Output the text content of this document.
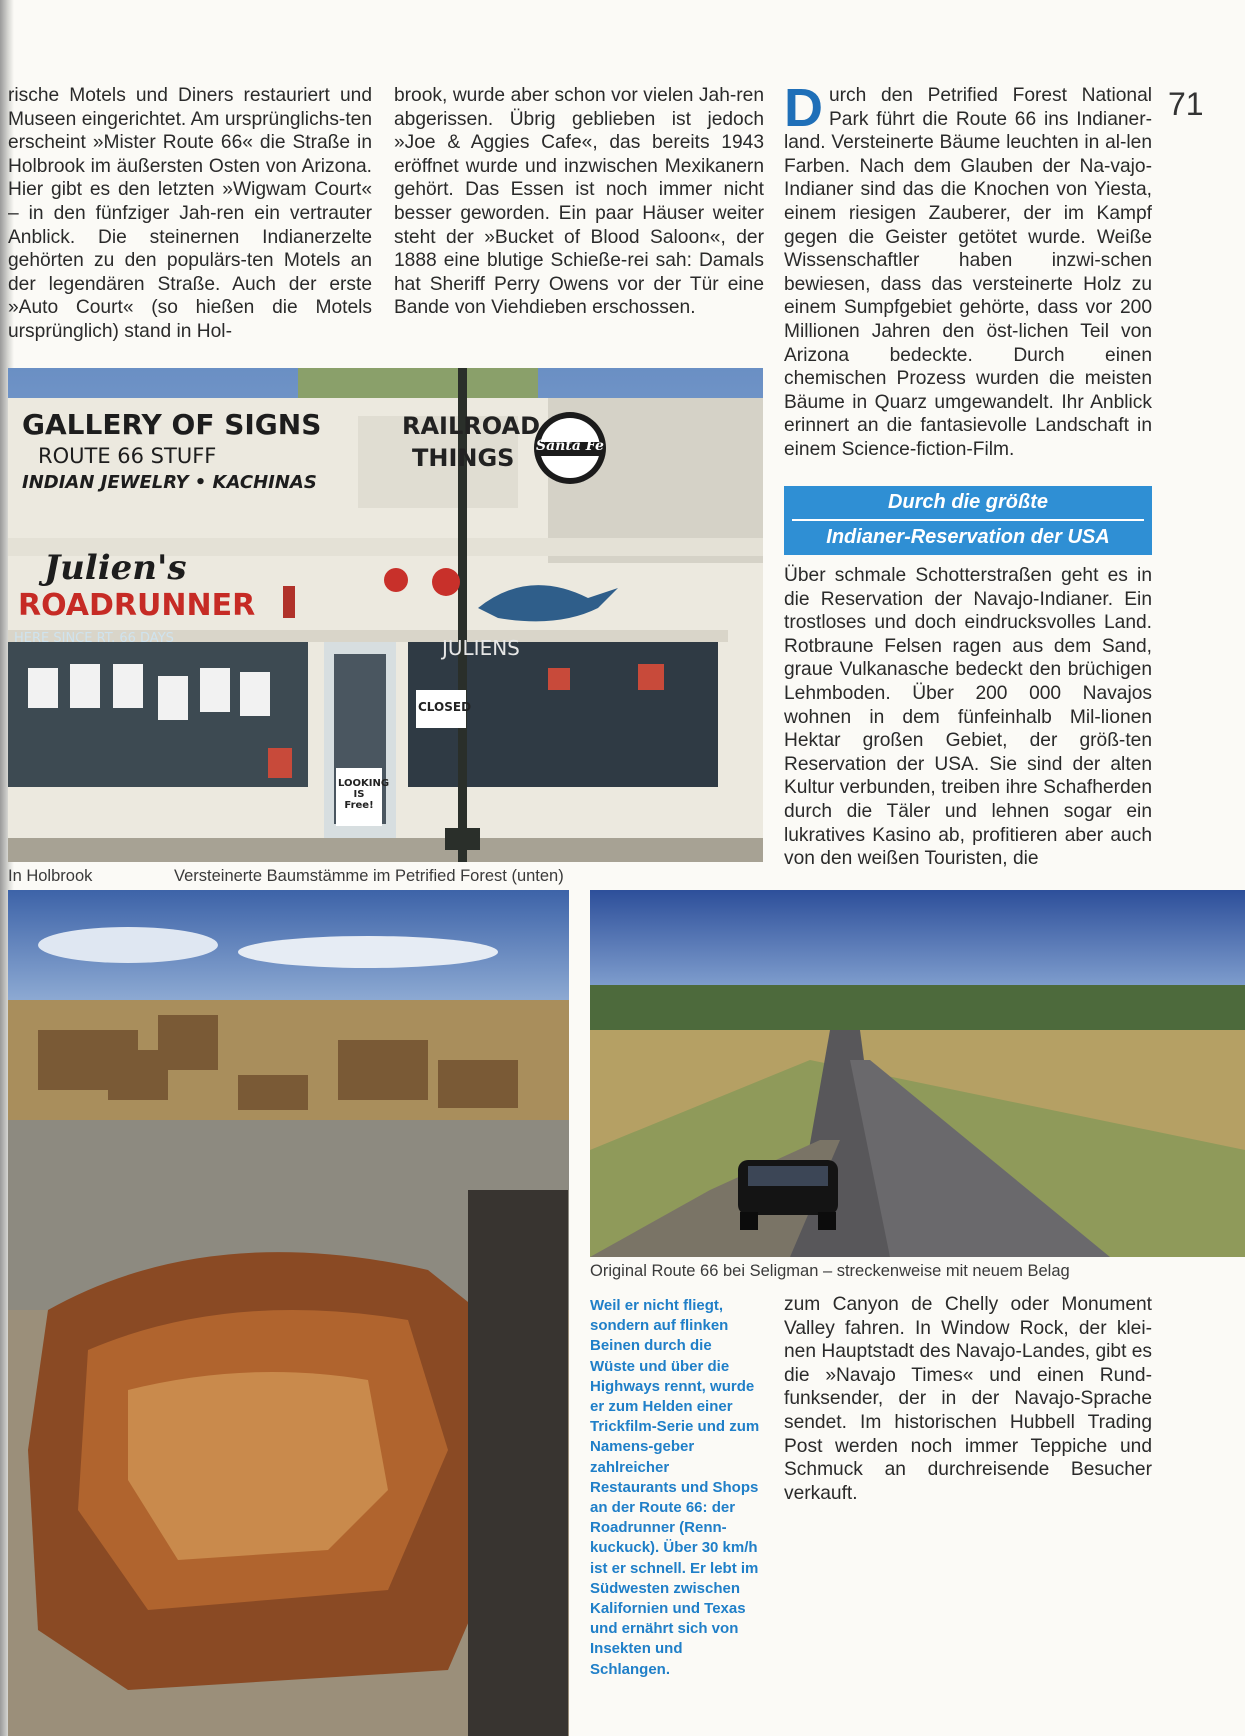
rische Motels und Diners restauriert und Museen eingerichtet. Am ursprünglichs-ten erscheint »Mister Route 66« die Straße in Holbrook im äußersten Osten von Arizona. Hier gibt es den letzten »Wigwam Court« – in den fünfziger Jah-ren ein vertrauter Anblick. Die steinernen Indianerzelte gehörten zu den populärs-ten Motels an der legendären Straße. Auch der erste »Auto Court« (so hießen die Motels ursprünglich) stand in Hol-

brook, wurde aber schon vor vielen Jah-ren abgerissen. Übrig geblieben ist jedoch »Joe & Aggies Cafe«, das bereits 1943 eröffnet wurde und inzwischen Mexikanern gehört. Das Essen ist noch immer nicht besser geworden. Ein paar Häuser weiter steht der »Bucket of Blood Saloon«, der 1888 eine blutige Schieße-rei sah: Damals hat Sheriff Perry Owens vor der Tür eine Bande von Viehdieben erschossen.

D urch den Petrified Forest National Park führt die Route 66 ins Indianer-land. Versteinerte Bäume leuchten in al-len Farben. Nach dem Glauben der Na-vajo-Indianer sind das die Knochen von Yiesta, einem riesigen Zauberer, der im Kampf gegen die Geister getötet wurde. Weiße Wissenschaftler haben inzwi-schen bewiesen, dass das versteinerte Holz zu einem Sumpfgebiet gehörte, dass vor 200 Millionen Jahren den öst-lichen Teil von Arizona bedeckte. Durch einen chemischen Prozess wurden die meisten Bäume in Quarz umgewandelt. Ihr Anblick erinnert an die fantasievolle Landschaft in einem Science-fiction-Film.

71
Durch die größte
Indianer-Reservation der USA

Über schmale Schotterstraßen geht es in die Reservation der Navajo-Indianer. Ein trostloses und doch eindrucksvolles Land. Rotbraune Felsen ragen aus dem Sand, graue Vulkanasche bedeckt den brüchigen Lehmboden. Über 200 000 Navajos wohnen in dem fünfeinhalb Mil-lionen Hektar großen Gebiet, der größ-ten Reservation der USA. Sie sind der alten Kultur verbunden, treiben ihre Schafherden durch die Täler und lehnen sogar ein lukratives Kasino ab, profitieren aber auch von den weißen Touristen, die

GALLERY OF SIGNS
ROUTE 66 STUFF
INDIAN JEWELRY • KACHINAS
RAILROAD
THINGS Santa Fe
Julien's
ROADRUNNER
HERE SINCE RT. 66 DAYS	JULIENS
CLOSED
LOOKING IS Free!
In Holbrook	Versteinerte Baumstämme im Petrified Forest (unten)
Original Route 66 bei Seligman – streckenweise mit neuem Belag
Weil er nicht fliegt, sondern auf flinken Beinen durch die Wüste und über die Highways rennt, wurde er zum Helden einer Trickfilm-Serie und zum Namens-geber zahlreicher Restaurants und Shops an der Route 66: der Roadrunner (Renn-kuckuck). Über 30 km/h ist er schnell. Er lebt im Südwesten zwischen Kalifornien und Texas und ernährt sich von Insekten und Schlangen.

zum Canyon de Chelly oder Monument Valley fahren. In Window Rock, der klei-nen Hauptstadt des Navajo-Landes, gibt es die »Navajo Times« und einen Rund-funksender, der in der Navajo-Sprache sendet. Im historischen Hubbell Trading Post werden noch immer Teppiche und Schmuck an durchreisende Besucher verkauft.
